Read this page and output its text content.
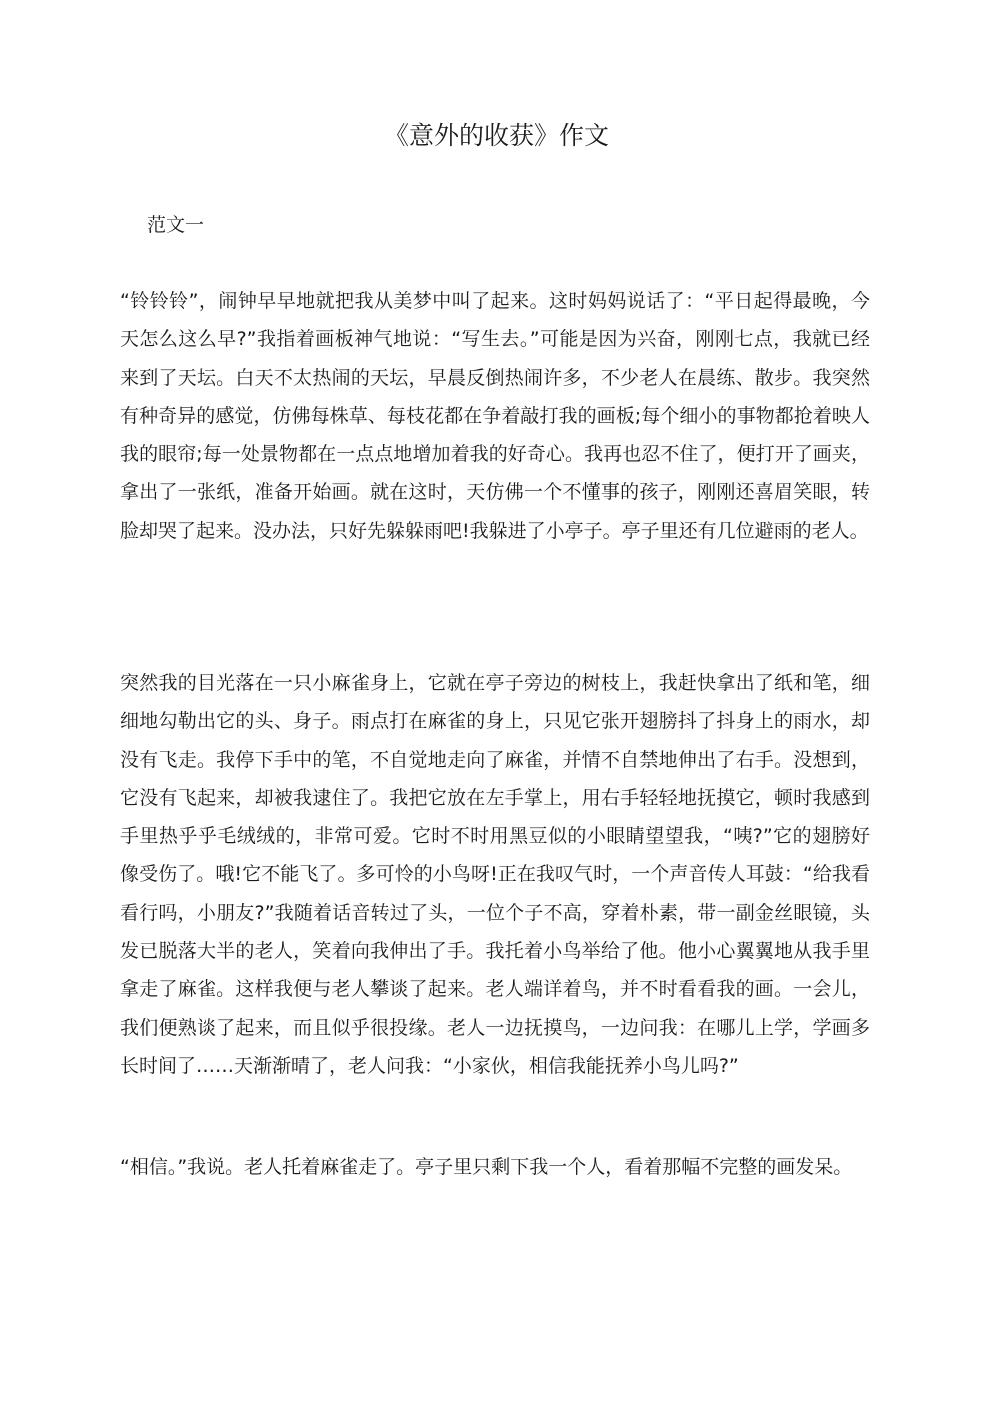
《意外的收获》作文

范文一

“铃铃铃”，闹钟早早地就把我从美梦中叫了起来。这时妈妈说话了：“平日起得最晚，今天怎么这么早?”我指着画板神气地说：“写生去。”可能是因为兴奋，刚刚七点，我就已经来到了天坛。白天不太热闹的天坛，早晨反倒热闹许多，不少老人在晨练、散步。我突然有种奇异的感觉，仿佛每株草、每枝花都在争着敲打我的画板;每个细小的事物都抢着映人我的眼帘;每一处景物都在一点点地增加着我的好奇心。我再也忍不住了，便打开了画夹，拿出了一张纸，准备开始画。就在这时，天仿佛一个不懂事的孩子，刚刚还喜眉笑眼，转脸却哭了起来。没办法，只好先躲躲雨吧!我躲进了小亭子。亭子里还有几位避雨的老人。

突然我的目光落在一只小麻雀身上，它就在亭子旁边的树枝上，我赶快拿出了纸和笔，细细地勾勒出它的头、身子。雨点打在麻雀的身上，只见它张开翅膀抖了抖身上的雨水，却没有飞走。我停下手中的笔，不自觉地走向了麻雀，并情不自禁地伸出了右手。没想到，它没有飞起来，却被我逮住了。我把它放在左手掌上，用右手轻轻地抚摸它，顿时我感到手里热乎乎毛绒绒的，非常可爱。它时不时用黑豆似的小眼睛望望我，“咦?”它的翅膀好像受伤了。哦!它不能飞了。多可怜的小鸟呀!正在我叹气时，一个声音传人耳鼓：“给我看看行吗，小朋友?”我随着话音转过了头，一位个子不高，穿着朴素，带一副金丝眼镜，头发已脱落大半的老人，笑着向我伸出了手。我托着小鸟举给了他。他小心翼翼地从我手里拿走了麻雀。这样我便与老人攀谈了起来。老人端详着鸟，并不时看看我的画。一会儿，我们便熟谈了起来，而且似乎很投缘。老人一边抚摸鸟，一边问我：在哪儿上学，学画多长时间了……天渐渐晴了，老人问我：“小家伙，相信我能抚养小鸟儿吗?”

“相信。”我说。老人托着麻雀走了。亭子里只剩下我一个人，看着那幅不完整的画发呆。
